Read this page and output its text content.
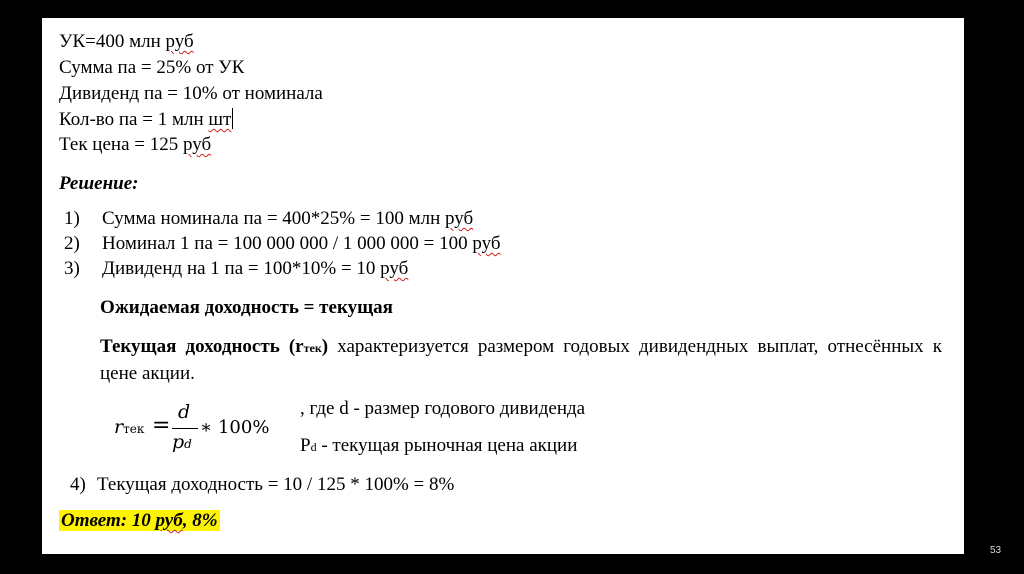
УК=400 млн руб
Сумма па = 25% от УК
Дивиденд па = 10% от номинала
Кол-во па = 1 млн шт
Тек цена = 125 руб
Решение:
1) Сумма номинала па = 400*25% = 100 млн руб
2) Номинал 1 па = 100 000 000 / 1 000 000 = 100 руб
3) Дивиденд на 1 па = 100*10% = 10 руб
Ожидаемая доходность = текущая
Текущая доходность (rтек) характеризуется размером годовых дивидендных выплат, отнесённых к цене акции.
rтек =
d
pd
∗ 100%
, где d - размер годового дивиденда
Pd - текущая рыночная цена акции
4) Текущая доходность = 10 / 125 * 100% = 8%
Ответ: 10 руб, 8%
53
